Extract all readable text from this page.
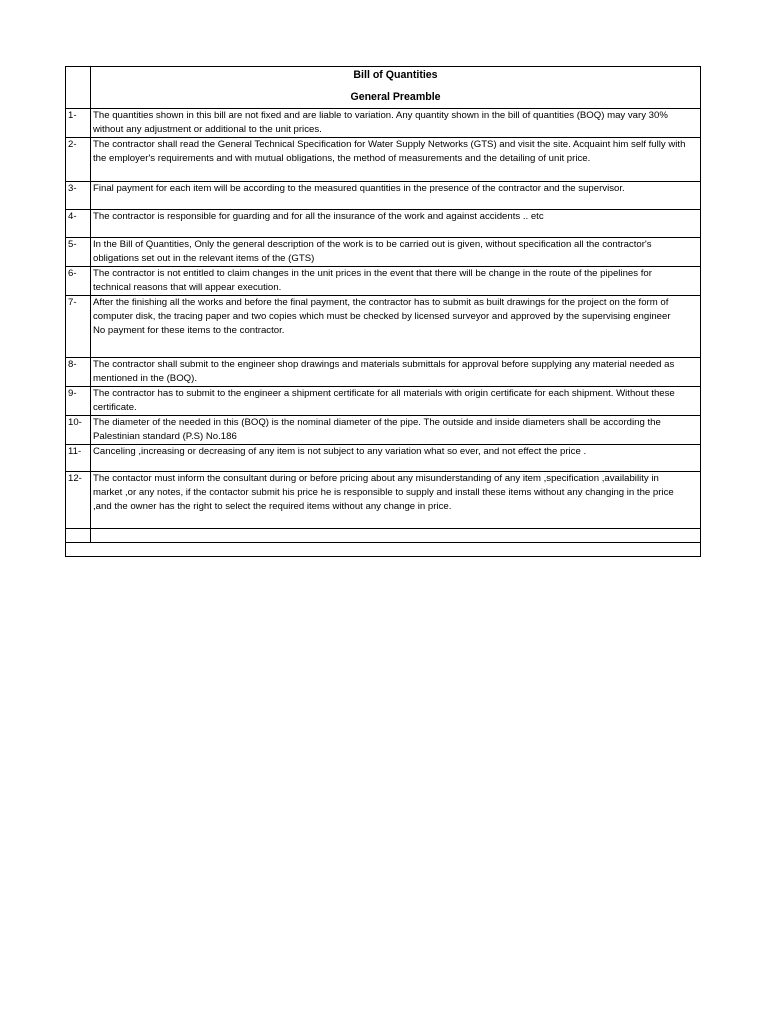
	Bill of Quantities
General Preamble

1-	The quantities shown in this bill are not fixed and are liable to variation. Any quantity shown in the bill of quantities (BOQ) may vary 30%
without any adjustment or additional to the unit prices.

2-	The contractor shall read the General Technical Specification for Water Supply Networks (GTS) and visit the site. Acquaint him self fully with
the employer's requirements and with mutual obligations, the method of measurements and the detailing of unit price.

3-	Final payment for each item will be according to the measured quantities in the presence of the contractor and the supervisor.

4-	The contractor is responsible for guarding and for all the insurance of the work and against accidents .. etc

5-	In the Bill of Quantities, Only the general description of the work is to be carried out is given, without specification all the contractor's
obligations set out in the relevant items of the (GTS)

6-	The contractor is not entitled to claim changes in the unit prices in the event that there will be change in the route of the pipelines for
technical reasons that will appear execution.

7-	After the finishing all the works and before the final payment, the contractor has to submit as built drawings for the project on the form of
computer disk, the tracing paper and two copies which must be checked by licensed surveyor and approved by the supervising engineer
No payment for these items to the contractor.

8-	The contractor shall submit to the engineer shop drawings and materials submittals for approval before supplying any material needed as
mentioned in the (BOQ).

9-	The contractor has to submit to the engineer a shipment certificate for all materials with origin certificate for each shipment. Without these
certificate.

10-	The diameter of the needed in this (BOQ) is the nominal diameter of the pipe. The outside and inside diameters shall be according the
Palestinian standard (P.S) No.186

11-	Canceling ,increasing or decreasing of any item is not subject to any variation what so ever, and not effect the price .

12-	The contactor must inform the consultant during or before pricing about any misunderstanding of any item ,specification ,availability in
market ,or any notes, if the contactor submit his price he is responsible to supply and install these items without any changing in the price
,and the owner has the right to select the required items without any change in price.
